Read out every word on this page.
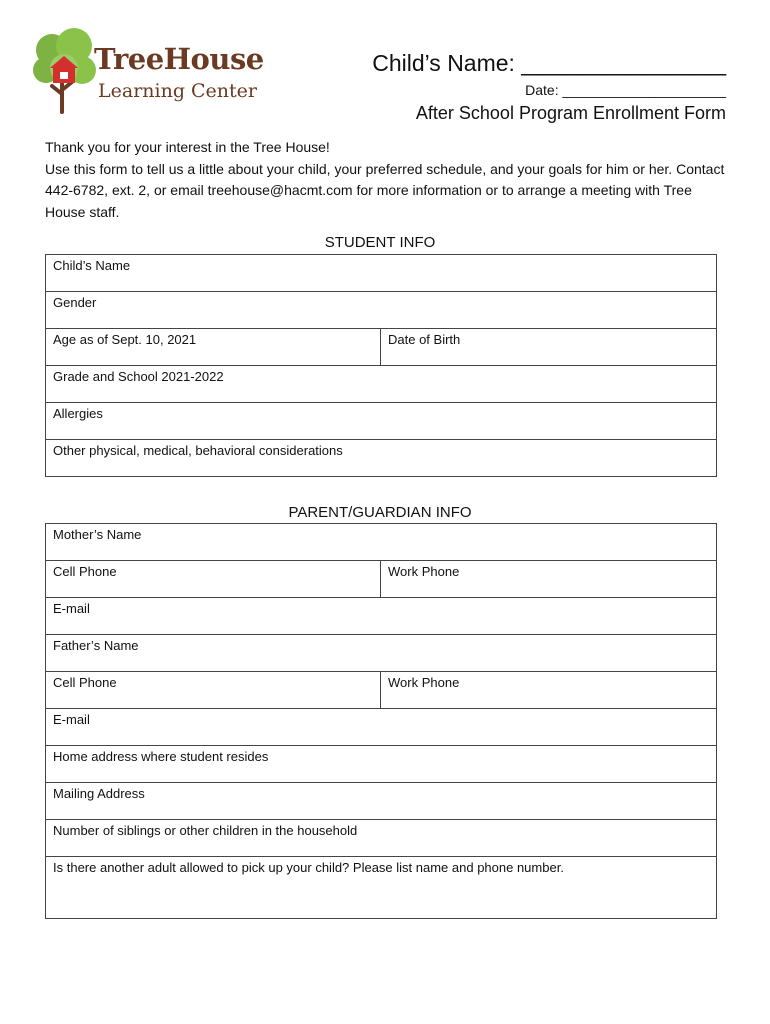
TreeHouse
Learning Center
Child’s Name: ________________
Date: _____________________
After School Program Enrollment Form

Thank you for your interest in the Tree House!

Use this form to tell us a little about your child, your preferred schedule, and your goals for him or her. Contact 442-6782, ext. 2, or email treehouse@hacmt.com for more information or to arrange a meeting with Tree House staff.

STUDENT INFO
Child’s Name
Gender
Age as of Sept. 10, 2021	Date of Birth
Grade and School 2021-2022
Allergies
Other physical, medical, behavioral considerations
PARENT/GUARDIAN INFO
Mother’s Name	
Cell Phone	Work Phone
E-mail	
Father’s Name	
Cell Phone	Work Phone
E-mail	
Home address where student resides	
Mailing Address	
Number of siblings or other children in the household	
Is there another adult allowed to pick up your child? Please list name and phone number.	
